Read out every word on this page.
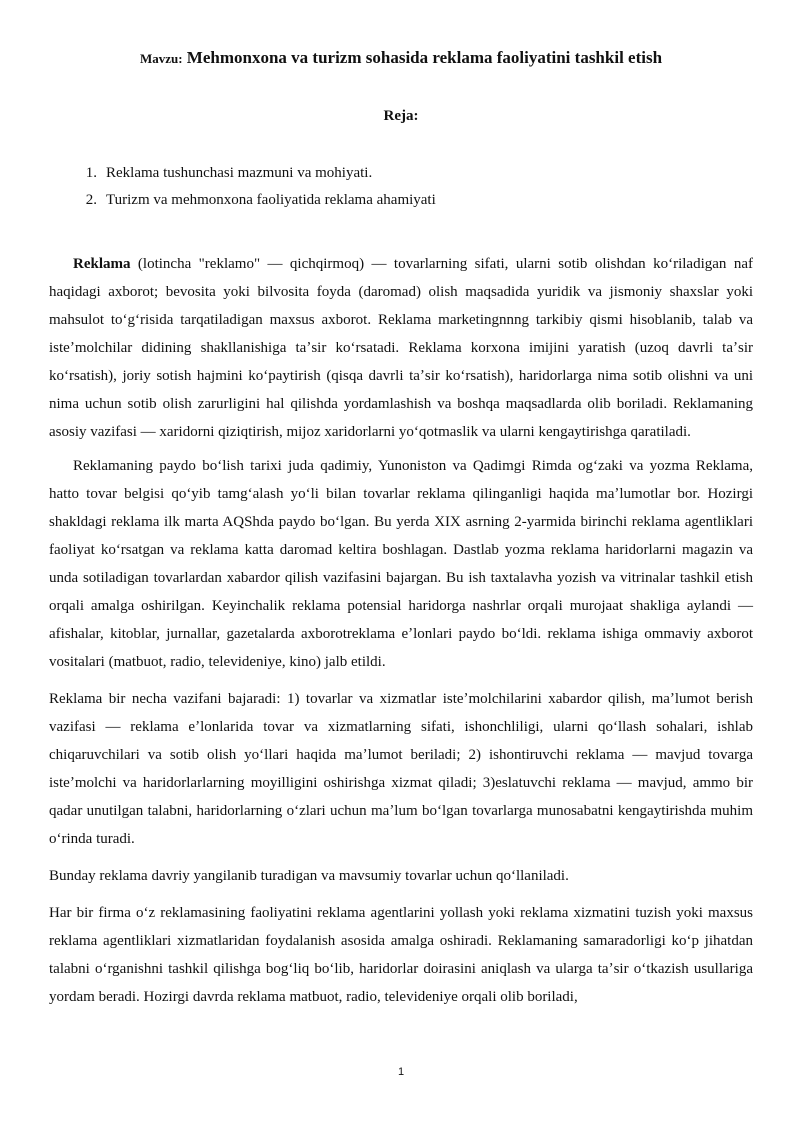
Mavzu: Mehmonxona va turizm sohasida reklama faoliyatini tashkil etish
Reja:
1. Reklama tushunchasi mazmuni va mohiyati.
2. Turizm va mehmonxona faoliyatida reklama ahamiyati

Reklama (lotincha "reklamo" — qichqirmoq) — tovarlarning sifati, ularni sotib olishdan koʻriladigan naf haqidagi axborot; bevosita yoki bilvosita foyda (daromad) olish maqsadida yuridik va jismoniy shaxslar yoki mahsulot toʻgʻrisida tarqatiladigan maxsus axborot. Reklama marketingnnng tarkibiy qismi hisoblanib, talab va isteʼmolchilar didining shakllanishiga taʼsir koʻrsatadi. Reklama korxona imijini yaratish (uzoq davrli taʼsir koʻrsatish), joriy sotish hajmini koʻpaytirish (qisqa davrli taʼsir koʻrsatish), haridorlarga nima sotib olishni va uni nima uchun sotib olish zarurligini hal qilishda yordamlashish va boshqa maqsadlarda olib boriladi. Reklamaning asosiy vazifasi — xaridorni qiziqtirish, mijoz xaridorlarni yoʻqotmaslik va ularni kengaytirishga qaratiladi.

Reklamaning paydo boʻlish tarixi juda qadimiy, Yunoniston va Qadimgi Rimda ogʻzaki va yozma Reklama, hatto tovar belgisi qoʻyib tamgʻalash yoʻli bilan tovarlar reklama qilinganligi haqida maʼlumotlar bor. Hozirgi shakldagi reklama ilk marta AQShda paydo boʻlgan. Bu yerda XIX asrning 2-yarmida birinchi reklama agentliklari faoliyat koʻrsatgan va reklama katta daromad keltira boshlagan. Dastlab yozma reklama haridorlarni magazin va unda sotiladigan tovarlardan xabardor qilish vazifasini bajargan. Bu ish taxtalavha yozish va vitrinalar tashkil etish orqali amalga oshirilgan. Keyinchalik reklama potensial haridorga nashrlar orqali murojaat shakliga aylandi — afishalar, kitoblar, jurnallar, gazetalarda axborotreklama eʼlonlari paydo boʻldi. reklama ishiga ommaviy axborot vositalari (matbuot, radio, televideniye, kino) jalb etildi.

Reklama bir necha vazifani bajaradi: 1) tovarlar va xizmatlar isteʼmolchilarini xabardor qilish, maʼlumot berish vazifasi — reklama eʼlonlarida tovar va xizmatlarning sifati, ishonchliligi, ularni qoʻllash sohalari, ishlab chiqaruvchilari va sotib olish yoʻllari haqida maʼlumot beriladi; 2) ishontiruvchi reklama — mavjud tovarga isteʼmolchi va haridorlarlarning moyilligini oshirishga xizmat qiladi; 3)eslatuvchi reklama — mavjud, ammo bir qadar unutilgan talabni, haridorlarning oʻzlari uchun maʼlum boʻlgan tovarlarga munosabatni kengaytirishda muhim oʻrinda turadi.

Bunday reklama davriy yangilanib turadigan va mavsumiy tovarlar uchun qoʻllaniladi.

Har bir firma oʻz reklamasining faoliyatini reklama agentlarini yollash yoki reklama xizmatini tuzish yoki maxsus reklama agentliklari xizmatlaridan foydalanish asosida amalga oshiradi. Reklamaning samaradorligi koʻp jihatdan talabni oʻrganishni tashkil qilishga bogʻliq boʻlib, haridorlar doirasini aniqlash va ularga taʼsir oʻtkazish usullariga yordam beradi. Hozirgi davrda reklama matbuot, radio, televideniye orqali olib boriladi,

1
